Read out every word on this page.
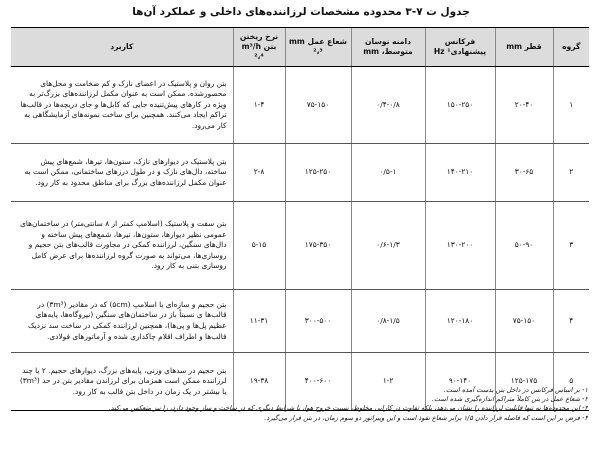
جدول ت ۷-۳ محدوده مشخصات لرزاننده‌های داخلی و عملکرد آن‌ها
گروه	قطر mm	فرکانس پیشنهادی¹ Hz	دامنه نوسان متوسط، mm	شعاع عمل mm ²،³	نرخ ریختن بتن m³/h ²،⁴	کاربرد
۱	۲۰-۴۰	۱۵۰-۲۵۰	۰/۴-۰/۸	۷۵-۱۵۰	۱-۴	بتن روان و پلاستیک در اعضای نازک و کم ضخامت و محل‌های محصورشده. ممکن است به عنوان مکمل لرزاننده‌های بزرگ‌تر به ویژه در کارهای پیش‌تنیده جایی که کابل‌ها و جای دریچه‌ها در قالب‌ها تراکم ایجاد می‌کنند. همچنین برای ساخت نمونه‌های آزمایشگاهی به کار می‌رود.
۲	۳۰-۶۵	۱۴۰-۲۱۰	۰/۵-۱	۱۲۵-۲۵۰	۲-۸	بتن پلاستیک در دیوارهای نازک، ستون‌ها، تیرها، شمع‌های پیش ساخته، دال‌های نازک و در طول درزهای ساختمانی، ممکن است به عنوان مکمل لرزاننده‌های بزرگ برای مناطق محدود به کار رود.
۳	۵۰-۹۰	۱۳۰-۲۰۰	۰/۶-۱/۳	۱۷۵-۳۵۰	۵-۱۵	بتن سفت و پلاستیک (اسلامپ کمتر از ۸ سانتی‌متر) در ساختمان‌های عمومی نظیر دیوارها، ستون‌ها، تیرها، شمع‌های پیش ساخته و دال‌های سنگین، لرزاننده کمکی در مجاورت قالب‌های بتن حجیم و روسازی‌ها، می‌تواند به صورت گروه لرزاننده‌ها برای عرض کامل روسازی بتنی به کار رود.
۴	۷۵-۱۵۰	۱۲۰-۱۸۰	۰/۸-۱/۵	۳۰۰-۵۰۰	۱۱-۳۱	بتن حجیم و سازه‌ای با اسلامپ (۵cm) که در مقادیر (۳m³) در قالب‌ها ی نسبتاً باز در ساختمان‌های سنگین (نیروگاه‌ها، پایه‌های عظیم پل‌ها و پی‌ها)، همچنین لرزاننده کمکی در ساخت سد نزدیک قالب‌ها و اطراف اقلام چاکداری شده و آرماتورهای فولادی.
۵	۱۲۵-۱۷۵	۹۰-۱۴۰	۱-۲	۴۰۰-۶۰۰	۱۹-۳۸	بتن حجیم در سدهای وزنی، پایه‌های بزرگ، دیوارهای حجیم. ۲ یا چند لرزاننده ممکن است همزمان برای لرزاندن مقادیر بتن در حد (۳m³) یا بیشتر در یک زمان در داخل بتن قالب به کار رود.	۱- بر اساس فرکانس در داخل بتن بدست آمده است.
۲- شعاع عمل در بتن کاملاً متراکم اندازه‌گیری شده است.
۳- این محدوده‌ها نه تنها قابلیت لرزاننده را نشان می‌دهد، بلکه تفاوت در کارایی مخلوط، نسبت خروج هوا، با شرایط دیگری که در ساخت و ساز وجود دارد، را نیز منعکس می‌کند.
۴- فرض بر این است که فاصله قرار دادن ۱/۵ برابر شعاع نفوذ است و این ویبراتور دو سوم زمان، در بتن قرار می‌گیرد.
